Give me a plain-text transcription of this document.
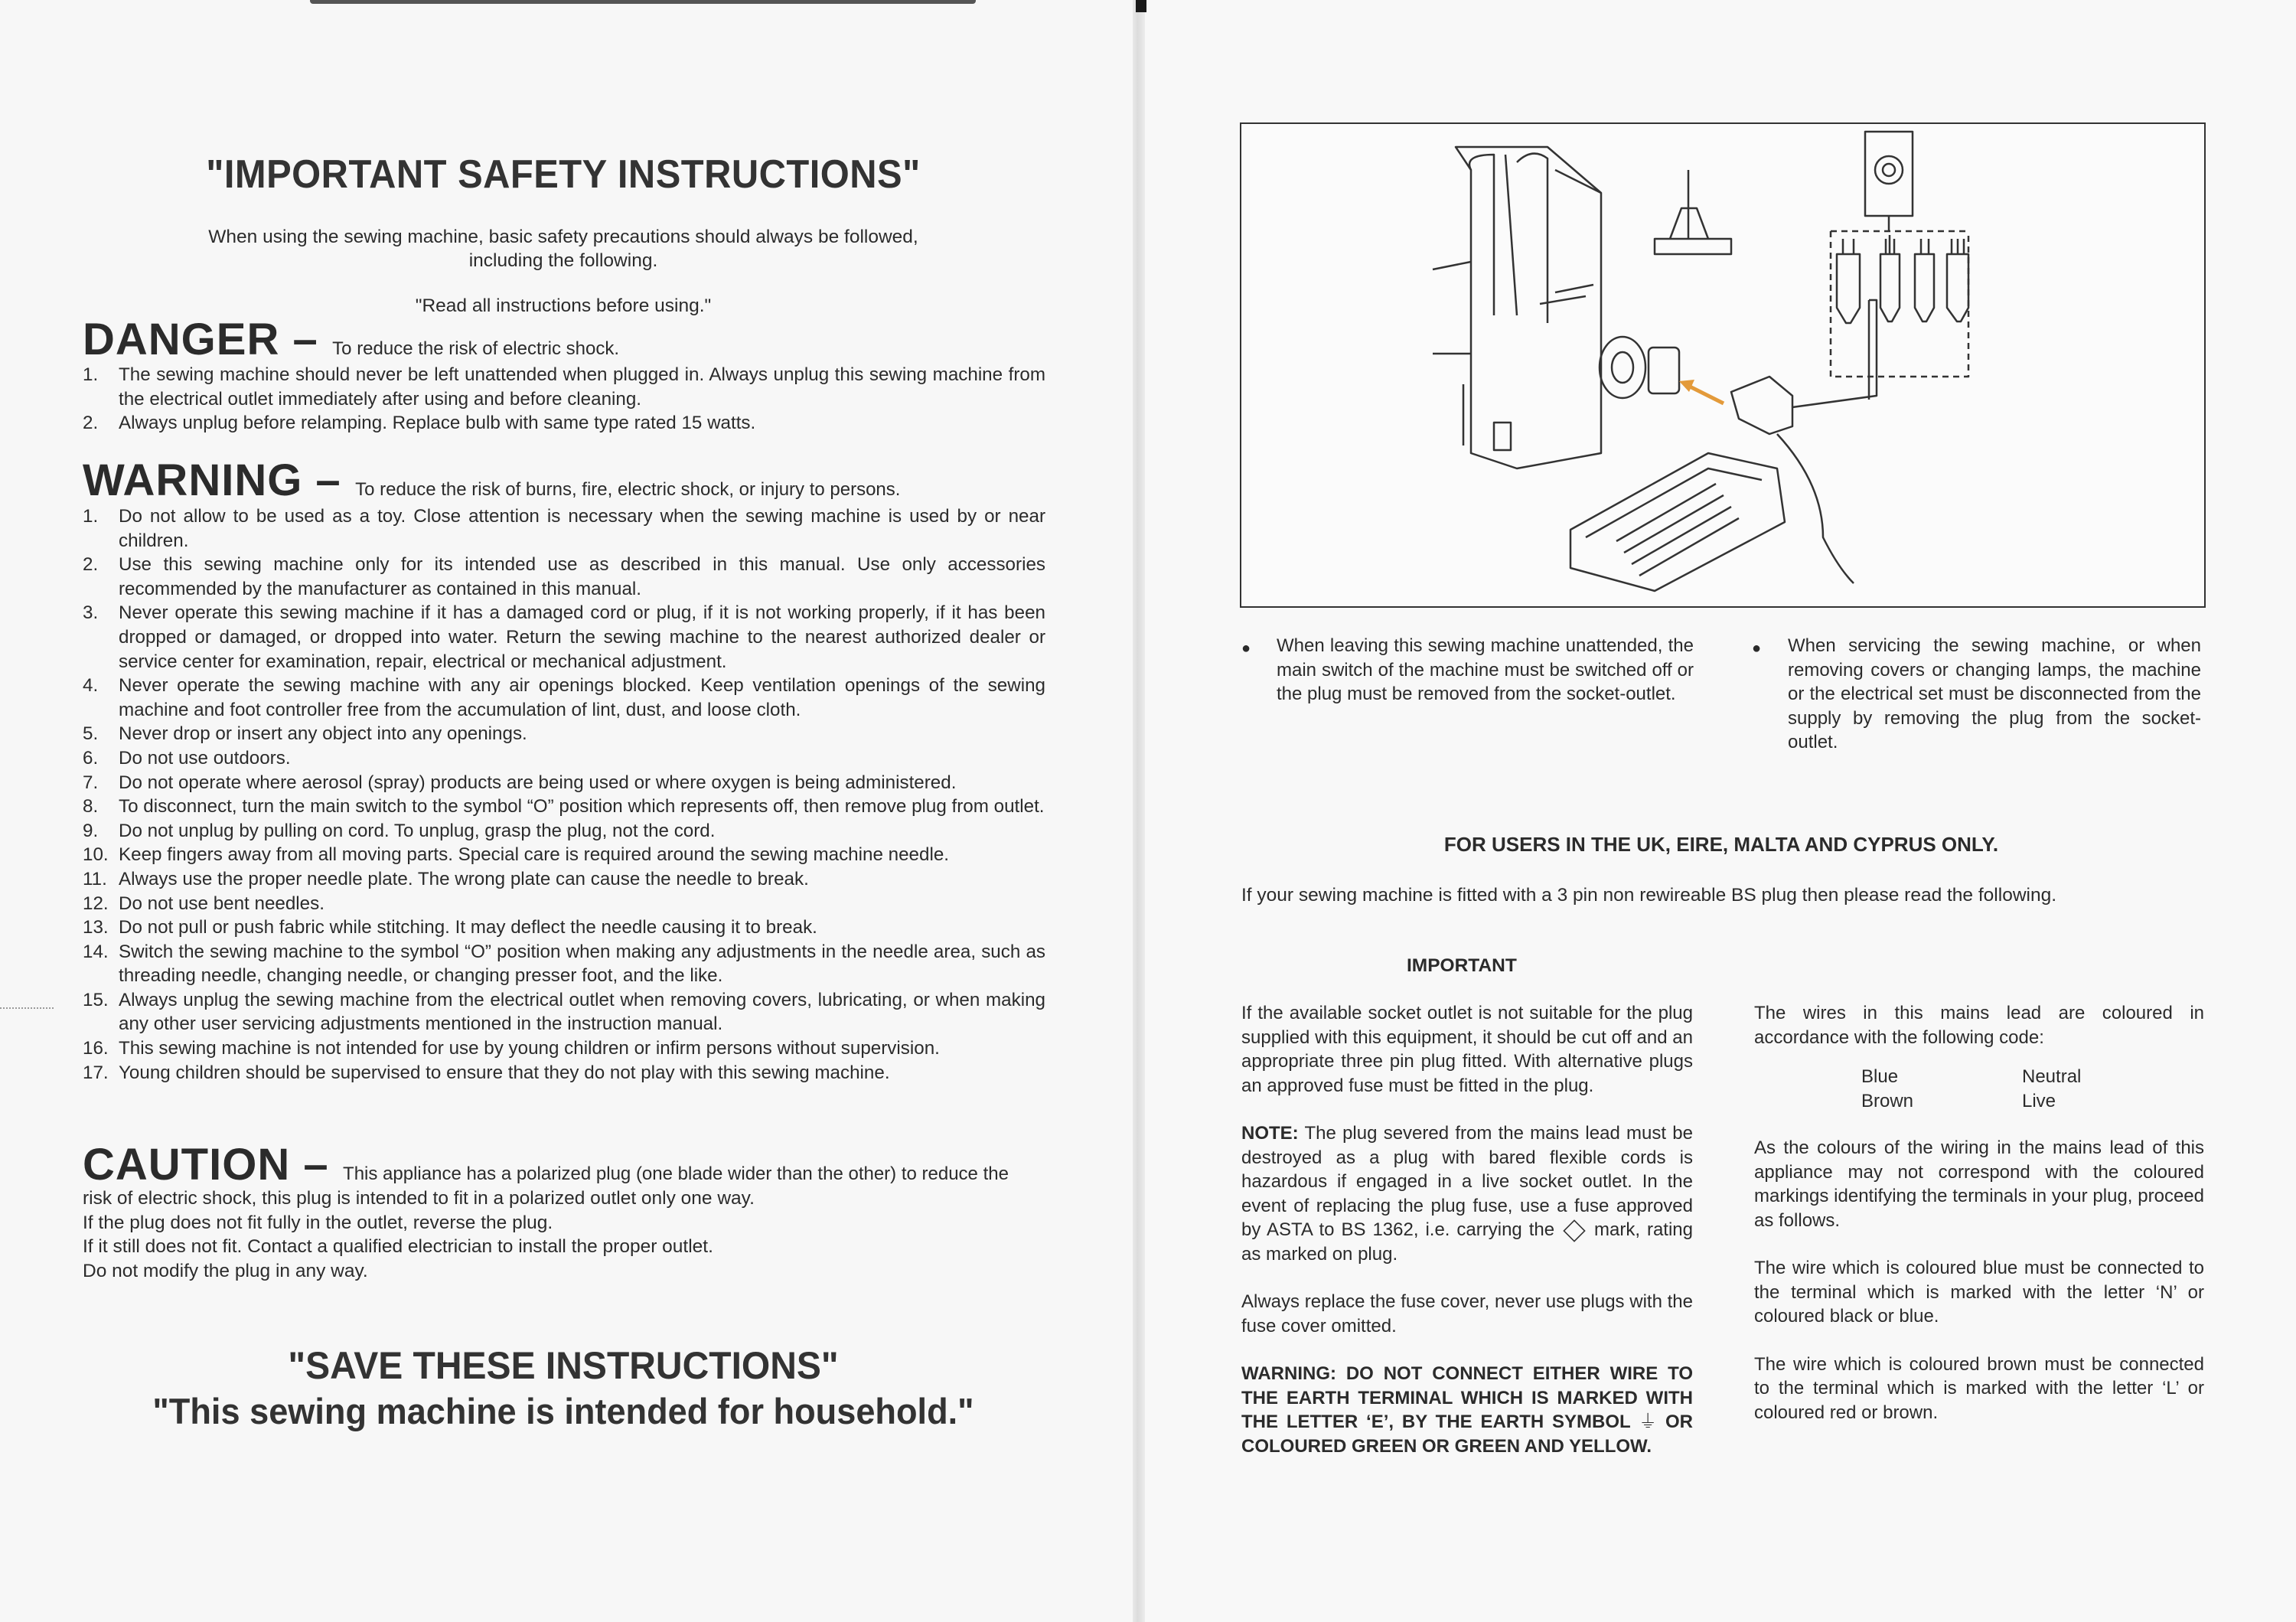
"IMPORTANT SAFETY INSTRUCTIONS"
When using the sewing machine, basic safety precautions should always be followed,
including the following.
"Read all instructions before using."
DANGER – To reduce the risk of electric shock.
1. The sewing machine should never be left unattended when plugged in. Always unplug this sewing machine from the electrical outlet immediately after using and before cleaning.
2. Always unplug before relamping. Replace bulb with same type rated 15 watts.
WARNING – To reduce the risk of burns, fire, electric shock, or injury to persons.
1. Do not allow to be used as a toy. Close attention is necessary when the sewing machine is used by or near children.
2. Use this sewing machine only for its intended use as described in this manual. Use only accessories recommended by the manufacturer as contained in this manual.
3. Never operate this sewing machine if it has a damaged cord or plug, if it is not working properly, if it has been dropped or damaged, or dropped into water. Return the sewing machine to the nearest authorized dealer or service center for examination, repair, electrical or mechanical adjustment.
4. Never operate the sewing machine with any air openings blocked. Keep ventilation openings of the sewing machine and foot controller free from the accumulation of lint, dust, and loose cloth.
5. Never drop or insert any object into any openings.
6. Do not use outdoors.
7. Do not operate where aerosol (spray) products are being used or where oxygen is being administered.
8. To disconnect, turn the main switch to the symbol “O” position which represents off, then remove plug from outlet.
9. Do not unplug by pulling on cord. To unplug, grasp the plug, not the cord.
10. Keep fingers away from all moving parts. Special care is required around the sewing machine needle.
11. Always use the proper needle plate. The wrong plate can cause the needle to break.
12. Do not use bent needles.
13. Do not pull or push fabric while stitching. It may deflect the needle causing it to break.
14. Switch the sewing machine to the symbol “O” position when making any adjustments in the needle area, such as threading needle, changing needle, or changing presser foot, and the like.
15. Always unplug the sewing machine from the electrical outlet when removing covers, lubricating, or when making any other user servicing adjustments mentioned in the instruction manual.
16. This sewing machine is not intended for use by young children or infirm persons without supervision.
17. Young children should be supervised to ensure that they do not play with this sewing machine.
CAUTION – This appliance has a polarized plug (one blade wider than the other) to reduce the
risk of electric shock, this plug is intended to fit in a polarized outlet only one way.
If the plug does not fit fully in the outlet, reverse the plug.
If it still does not fit. Contact a qualified electrician to install the proper outlet.
Do not modify the plug in any way.
"SAVE THESE INSTRUCTIONS"
"This sewing machine is intended for household."
● When leaving this sewing machine unattended, the main switch of the machine must be switched off or the plug must be removed from the socket-outlet.
● When servicing the sewing machine, or when removing covers or changing lamps, the machine or the electrical set must be disconnected from the supply by removing the plug from the socket-outlet.
FOR USERS IN THE UK, EIRE, MALTA AND CYPRUS ONLY.
If your sewing machine is fitted with a 3 pin non rewireable BS plug then please read the following.
IMPORTANT

If the available socket outlet is not suitable for the plug supplied with this equipment, it should be cut off and an appropriate three pin plug fitted. With alternative plugs an approved fuse must be fitted in the plug.

NOTE: The plug severed from the mains lead must be destroyed as a plug with bared flexible cords is hazardous if engaged in a live socket outlet. In the event of replacing the plug fuse, use a fuse approved by ASTA to BS 1362, i.e. carrying the mark, rating as marked on plug.

Always replace the fuse cover, never use plugs with the fuse cover omitted.

WARNING: DO NOT CONNECT EITHER WIRE TO THE EARTH TERMINAL WHICH IS MARKED WITH THE LETTER ‘E’, BY THE EARTH SYMBOL ⏚ OR COLOURED GREEN OR GREEN AND YELLOW.

The wires in this mains lead are coloured in accordance with the following code:

Blue	Neutral
Brown	Live

As the colours of the wiring in the mains lead of this appliance may not correspond with the coloured markings identifying the terminals in your plug, proceed as follows.

The wire which is coloured blue must be connected to the terminal which is marked with the letter ‘N’ or coloured black or blue.

The wire which is coloured brown must be connected to the terminal which is marked with the letter ‘L’ or coloured red or brown.
